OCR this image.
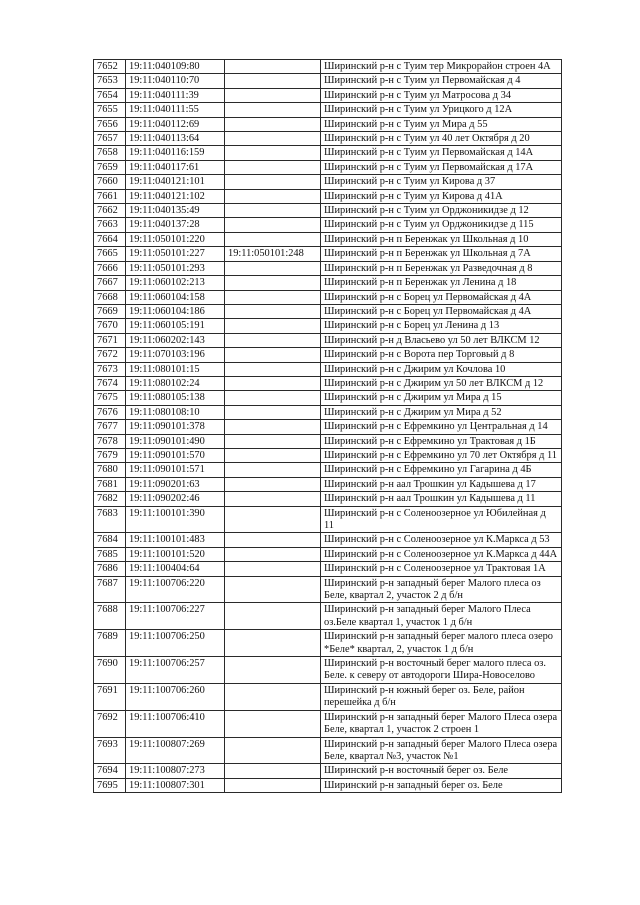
7652	19:11:040109:80		Ширинский р-н с Туим тер Микрорайон строен 4А
7653	19:11:040110:70		Ширинский р-н с Туим ул Первомайская д 4
7654	19:11:040111:39		Ширинский р-н с Туим ул Матросова д 34
7655	19:11:040111:55		Ширинский р-н с Туим ул Урицкого д 12А
7656	19:11:040112:69		Ширинский р-н с Туим ул Мира д 55
7657	19:11:040113:64		Ширинский р-н с Туим ул 40 лет Октября д 20
7658	19:11:040116:159		Ширинский р-н с Туим ул Первомайская д 14А
7659	19:11:040117:61		Ширинский р-н с Туим ул Первомайская д 17А
7660	19:11:040121:101		Ширинский р-н с Туим ул Кирова д 37
7661	19:11:040121:102		Ширинский р-н с Туим ул Кирова д 41А
7662	19:11:040135:49		Ширинский р-н с Туим ул Орджоникидзе д 12
7663	19:11:040137:28		Ширинский р-н с Туим ул Орджоникидзе д 115
7664	19:11:050101:220		Ширинский р-н п Беренжак ул Школьная д 10
7665	19:11:050101:227	19:11:050101:248	Ширинский р-н п Беренжак ул Школьная д 7А
7666	19:11:050101:293		Ширинский р-н п Беренжак ул Разведочная д 8
7667	19:11:060102:213		Ширинский р-н п Беренжак ул Ленина д 18
7668	19:11:060104:158		Ширинский р-н с Борец ул Первомайская д 4А
7669	19:11:060104:186		Ширинский р-н с Борец ул Первомайская д 4А
7670	19:11:060105:191		Ширинский р-н с Борец ул Ленина д 13
7671	19:11:060202:143		Ширинский р-н д Власьево ул 50 лет ВЛКСМ 12
7672	19:11:070103:196		Ширинский р-н с Ворота пер Торговый д 8
7673	19:11:080101:15		Ширинский р-н с Джирим ул Кочлова 10
7674	19:11:080102:24		Ширинский р-н с Джирим ул 50 лет ВЛКСМ д 12
7675	19:11:080105:138		Ширинский р-н с Джирим ул Мира д 15
7676	19:11:080108:10		Ширинский р-н с Джирим ул Мира д 52
7677	19:11:090101:378		Ширинский р-н с Ефремкино ул Центральная д 14
7678	19:11:090101:490		Ширинский р-н с Ефремкино ул Трактовая д 1Б
7679	19:11:090101:570		Ширинский р-н с Ефремкино ул 70 лет Октября д 11
7680	19:11:090101:571		Ширинский р-н с Ефремкино ул Гагарина д 4Б
7681	19:11:090201:63		Ширинский р-н аал Трошкин ул Кадышева д 17
7682	19:11:090202:46		Ширинский р-н аал Трошкин ул Кадышева д 11
7683	19:11:100101:390		Ширинский р-н с Соленоозерное ул Юбилейная д 11
7684	19:11:100101:483		Ширинский р-н с Соленоозерное ул К.Маркса д 53
7685	19:11:100101:520		Ширинский р-н с Соленоозерное ул К.Маркса д 44А
7686	19:11:100404:64		Ширинский р-н с Соленоозерное ул Трактовая 1А
7687	19:11:100706:220		Ширинский р-н западный берег Малого плеса оз Беле, квартал 2, участок 2 д б/н
7688	19:11:100706:227		Ширинский р-н западный берег Малого Плеса оз.Беле квартал 1, участок 1 д б/н
7689	19:11:100706:250		Ширинский р-н западный берег малого плеса озеро *Беле* квартал, 2, участок 1 д б/н
7690	19:11:100706:257		Ширинский р-н восточный берег малого плеса оз. Беле. к северу от автодороги Шира-Новоселово
7691	19:11:100706:260		Ширинский р-н южный берег оз. Беле, район перешейка д б/н
7692	19:11:100706:410		Ширинский р-н западный берег Малого Плеса озера Беле, квартал 1, участок 2 строен 1
7693	19:11:100807:269		Ширинский р-н западный берег Малого Плеса озера Беле, квартал №3, участок №1
7694	19:11:100807:273		Ширинский р-н восточный берег оз. Беле
7695	19:11:100807:301		Ширинский р-н западный берег оз. Беле
